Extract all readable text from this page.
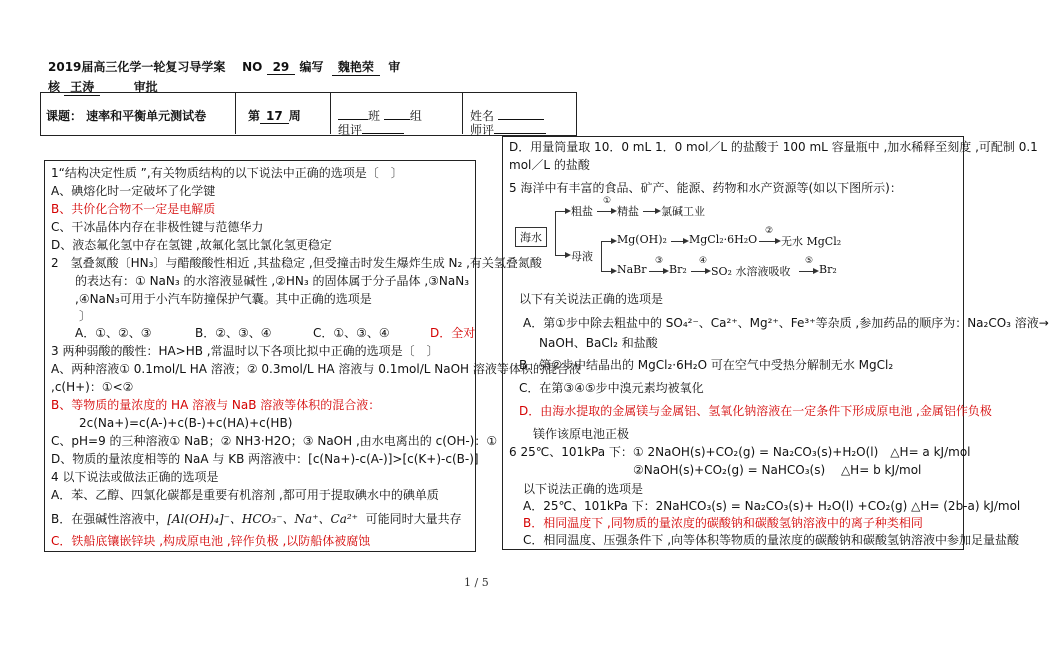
2019届高三化学一轮复习导学案 NO 29 编写 魏艳荣 审
核 王涛	审批
课题： 速率和平衡单元测试卷	第 17 周	班 组
组评
姓名
师评
1“结构决定性质 ”,有关物质结构的以下说法中正确的选项是〔　〕
A、碘熔化时一定破坏了化学键
B、共价化合物不一定是电解质
C、干冰晶体内存在非极性键与范德华力
D、液态氟化氢中存在氢键 ,故氟化氢比氯化氢更稳定
2　氢叠氮酸〔HN₃〕与醋酸酸性相近 ,其盐稳定 ,但受撞击时发生爆炸生成 N₂ ,有关氢叠氮酸
的表达有：① NaN₃ 的水溶液显碱性 ,②HN₃ 的固体属于分子晶体 ,③NaN₃
,④NaN₃可用于小汽车防撞保护气囊。其中正确的选项是
〕
A．①、②、③	B．②、③、④	C．①、③、④	D．全对
3 两种弱酸的酸性：HA>HB ,常温时以下各项比拟中正确的选项是〔　〕
A、两种溶液① 0.1mol/L HA 溶液；② 0.3mol/L HA 溶液与 0.1mol/L NaOH 溶液等体积的混合液
,c(H+)：①<②
B、等物质的量浓度的 HA 溶液与 NaB 溶液等体积的混合液：
2c(Na+)=c(A-)+c(B-)+c(HA)+c(HB)
C、pH=9 的三种溶液① NaB；② NH3·H2O；③ NaOH ,由水电离出的 c(OH-)：①
D、物质的量浓度相等的 NaA 与 KB 两溶液中：[c(Na+)-c(A-)]>[c(K+)-c(B-)]
4 以下说法或做法正确的选项是
A．苯、乙醇、四氯化碳都是重要有机溶剂 ,都可用于提取碘水中的碘单质
B．在强碱性溶液中，[Al(OH)₄]⁻、HCO₃⁻、Na⁺、Ca²⁺ 可能同时大量共存
C．铁船底镶嵌锌块 ,构成原电池 ,锌作负极 ,以防船体被腐蚀
D．用量筒量取 10．0 mL 1．0 mol／L 的盐酸于 100 mL 容量瓶中 ,加水稀释至刻度 ,可配制 0.1
mol／L 的盐酸
5 海洋中有丰富的食品、矿产、能源、药物和水产资源等(如以下图所示)：
海水
粗盐
①
精盐 氯碱工业
母液
Mg(OH)₂ MgCl₂·6H₂O
②
无水 MgCl₂
NaBr
③
Br₂
④
SO₂ 水溶液吸收
⑤
Br₂
以下有关说法正确的选项是
A．第①步中除去粗盐中的 SO₄²⁻、Ca²⁺、Mg²⁺、Fe³⁺等杂质 ,参加药品的顺序为：Na₂CO₃ 溶液→
NaOH、BaCl₂ 和盐酸
B．第②步中结晶出的 MgCl₂·6H₂O 可在空气中受热分解制无水 MgCl₂
C．在第③④⑤步中溴元素均被氧化
D．由海水提取的金属镁与金属铝、氢氧化钠溶液在一定条件下形成原电池 ,金属铝作负极
镁作该原电池正极
6 25℃、101kPa 下：① 2NaOH(s)+CO₂(g) = Na₂CO₃(s)+H₂O(l)　△H= a kJ/mol
②NaOH(s)+CO₂(g) = NaHCO₃(s)　 △H= b kJ/mol
以下说法正确的选项是
A．25℃、101kPa 下：2NaHCO₃(s) = Na₂CO₃(s)+ H₂O(l) +CO₂(g) △H= (2b-a) kJ/mol
B．相同温度下 ,同物质的量浓度的碳酸钠和碳酸氢钠溶液中的离子种类相同
C．相同温度、压强条件下 ,向等体积等物质的量浓度的碳酸钠和碳酸氢钠溶液中参加足量盐酸
1 / 5
